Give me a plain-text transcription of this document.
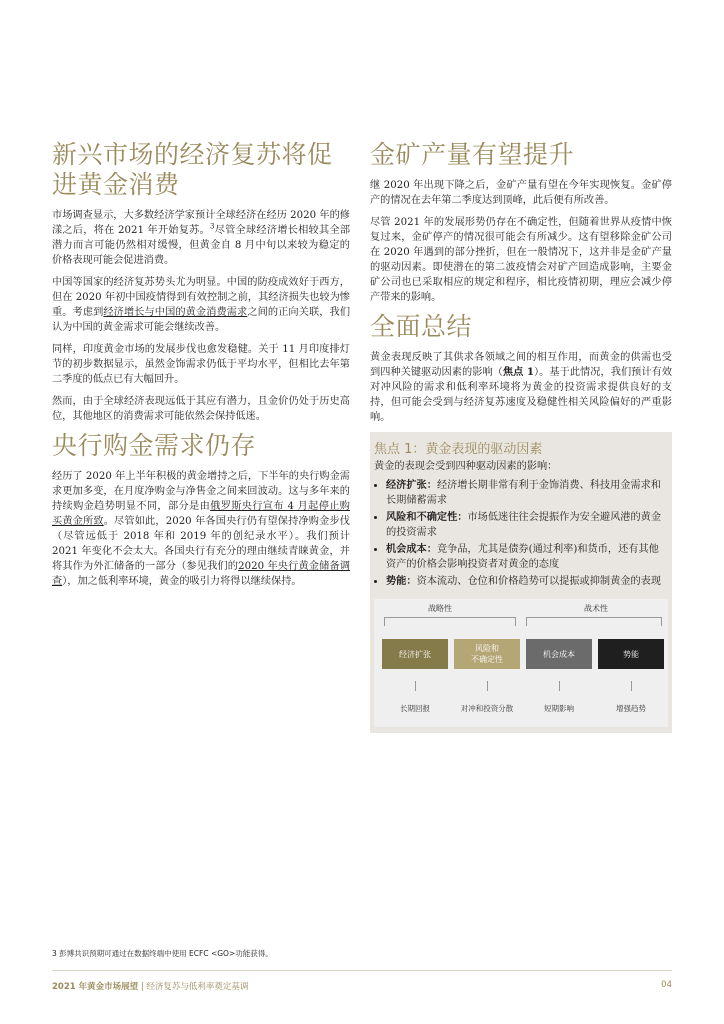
新兴市场的经济复苏将促进黄金消费

市场调查显示，大多数经济学家预计全球经济在经历 2020 年的修漾之后，将在 2021 年开始复苏。$^3$尽管全球经济增长相较其全部潜力而言可能仍然相对缓慢，但黄金自 8 月中旬以来较为稳定的价格表现可能会促进消费。

中国等国家的经济复苏势头尤为明显。中国的防疫成效好于西方，但在 2020 年初中国疫情得到有效控制之前，其经济损失也较为惨重。考虑到经济增长与中国的黄金消费需求之间的正向关联，我们认为中国的黄金需求可能会继续改善。

同样，印度黄金市场的发展步伐也愈发稳健。关于 11 月印度排灯节的初步数据显示，虽然金饰需求仍低于平均水平，但相比去年第二季度的低点已有大幅回升。

然而，由于全球经济表现远低于其应有潜力，且金价仍处于历史高位，其他地区的消费需求可能依然会保持低迷。

央行购金需求仍存

经历了 2020 年上半年积极的黄金增持之后，下半年的央行购金需求更加多变，在月度净购金与净售金之间来回波动。这与多年来的持续购金趋势明显不同，部分是由俄罗斯央行宣布 4 月起停止购买黄金所致。尽管如此，2020 年各国央行仍有望保持净购金步伐（尽管远低于 2018 年和 2019 年的创纪录水平）。我们预计 2021 年变化不会太大。各国央行有充分的理由继续青睐黄金，并将其作为外汇储备的一部分（参见我们的2020 年央行黄金储备调查），加之低利率环境，黄金的吸引力将得以继续保持。

金矿产量有望提升

继 2020 年出现下降之后，金矿产量有望在今年实现恢复。金矿停产的情况在去年第二季度达到顶峰，此后便有所改善。

尽管 2021 年的发展形势仍存在不确定性，但随着世界从疫情中恢复过来，金矿停产的情况很可能会有所减少。这有望移除金矿公司在 2020 年遇到的部分挫折，但在一般情况下，这并非是金矿产量的驱动因素。即使潜在的第二波疫情会对矿产回造成影响，主要金矿公司也已采取相应的规定和程序，相比疫情初期，理应会减少停产带来的影响。

全面总结

黄金表现反映了其供求各领域之间的相互作用，而黄金的供需也受到四种关键驱动因素的影响（焦点 1）。基于此情况，我们预计有效对冲风险的需求和低利率环境将为黄金的投资需求提供良好的支持，但可能会受到与经济复苏速度及稳健性相关风险偏好的严重影响。

焦点 1：黄金表现的驱动因素
黄金的表现会受到四种驱动因素的影响：
• 经济扩张：经济增长期非常有利于金饰消费、科技用金需求和长期储蓄需求
• 风险和不确定性：市场低迷往往会提振作为安全避风港的黄金的投资需求
• 机会成本：竞争品，尤其是债券(通过利率)和货币，还有其他资产的价格会影响投资者对黄金的态度
• 势能：资本流动、仓位和价格趋势可以提振或抑制黄金的表现
战略性	战术性
经济扩张
风险和
不确定性
机会成本	势能
长期回报	对冲和投资分散	短期影响	增强趋势
3 彭博共识预期可通过在数据终端中使用 ECFC <GO>功能获得。
2021 年黄金市场展望 | 经济复苏与低利率奠定基调	04
